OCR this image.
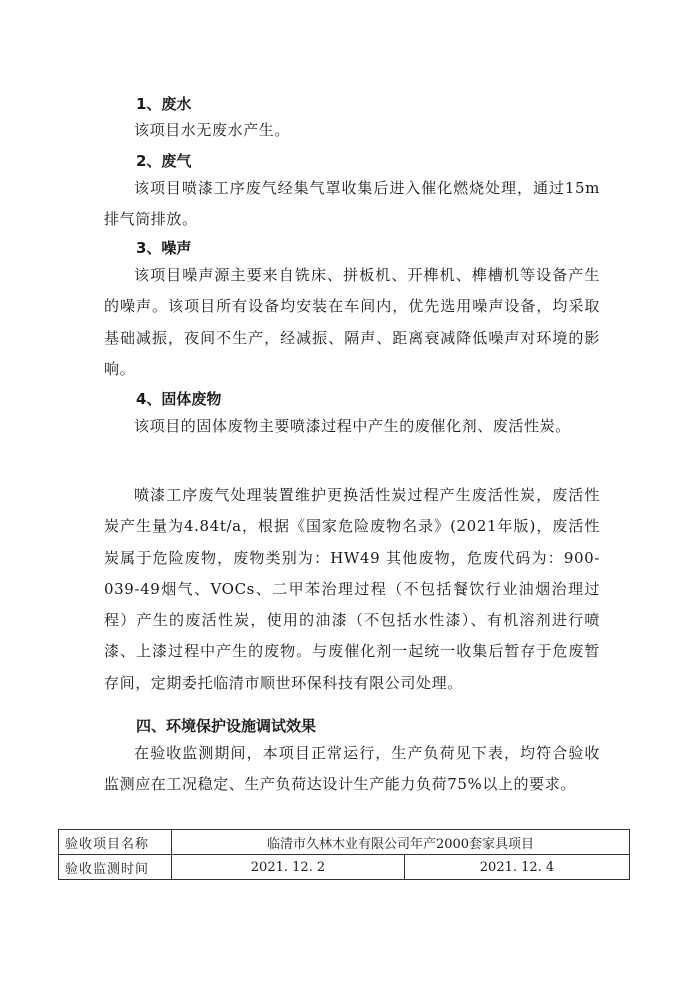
1、废水
该项目水无废水产生。
2、废气
该项目喷漆工序废气经集气罩收集后进入催化燃烧处理，通过15m排气筒排放。
3、噪声
该项目噪声源主要来自铣床、拼板机、开榫机、榫槽机等设备产生的噪声。该项目所有设备均安装在车间内，优先选用噪声设备，均采取基础减振，夜间不生产，经减振、隔声、距离衰减降低噪声对环境的影响。
4、固体废物
该项目的固体废物主要喷漆过程中产生的废催化剂、废活性炭。
喷漆工序废气处理装置维护更换活性炭过程产生废活性炭，废活性炭产生量为4.84t/a，根据《国家危险废物名录》(2021年版)，废活性炭属于危险废物，废物类别为：HW49 其他废物，危废代码为：900-039-49烟气、VOCs、二甲苯治理过程（不包括餐饮行业油烟治理过程）产生的废活性炭，使用的油漆（不包括水性漆）、有机溶剂进行喷漆、上漆过程中产生的废物。与废催化剂一起统一收集后暂存于危废暂存间，定期委托临清市顺世环保科技有限公司处理。
四、环境保护设施调试效果
在验收监测期间，本项目正常运行，生产负荷见下表，均符合验收监测应在工况稳定、生产负荷达设计生产能力负荷75%以上的要求。
验收项目名称	临清市久林木业有限公司年产2000套家具项目	
验收监测时间	2021. 12. 2	2021. 12. 4
